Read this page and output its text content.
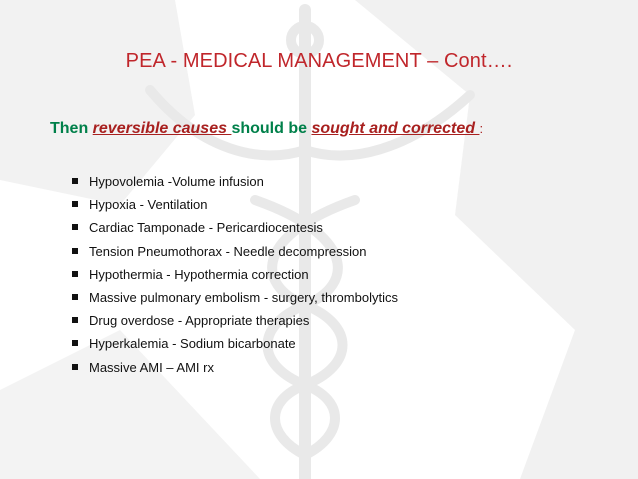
PEA - MEDICAL MANAGEMENT – Cont….
Then reversible causes should be sought and corrected :
Hypovolemia -Volume infusion
Hypoxia - Ventilation
Cardiac Tamponade - Pericardiocentesis
Tension Pneumothorax - Needle decompression
Hypothermia - Hypothermia correction
Massive pulmonary embolism - surgery, thrombolytics
Drug overdose - Appropriate therapies
Hyperkalemia - Sodium bicarbonate
Massive AMI – AMI rx
